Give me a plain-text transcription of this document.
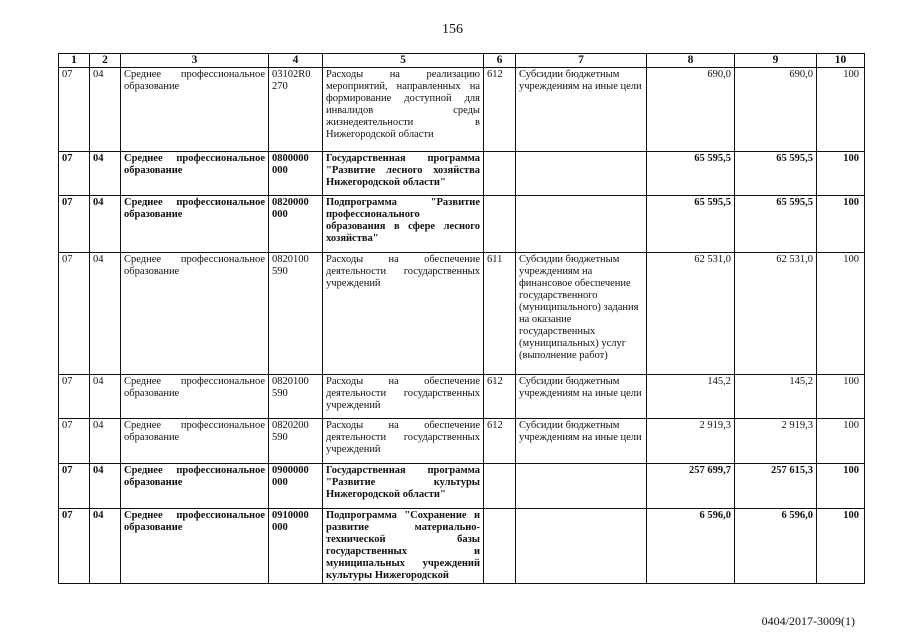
156
1	2	3	4	5	6	7	8	9	10
07	04	Среднее профессиональное образование	03102R0 270	Расходы на реализацию мероприятий, направленных на формирование доступной для инвалидов среды жизнедеятельности в Нижегородской области	612	Субсидии бюджетным учреждениям на иные цели	690,0	690,0	100
07	04	Среднее профессиональное образование	0800000 000	Государственная программа "Развитие лесного хозяйства Нижегородской области"			65 595,5	65 595,5	100
07	04	Среднее профессиональное образование	0820000 000	Подпрограмма "Развитие профессионального образования в сфере лесного хозяйства"			65 595,5	65 595,5	100
07	04	Среднее профессиональное образование	0820100 590	Расходы на обеспечение деятельности государственных учреждений	611	Субсидии бюджетным учреждениям на финансовое обеспечение государственного (муниципального) задания на оказание государственных (муниципальных) услуг (выполнение работ)	62 531,0	62 531,0	100
07	04	Среднее профессиональное образование	0820100 590	Расходы на обеспечение деятельности государственных учреждений	612	Субсидии бюджетным учреждениям на иные цели	145,2	145,2	100
07	04	Среднее профессиональное образование	0820200 590	Расходы на обеспечение деятельности государственных учреждений	612	Субсидии бюджетным учреждениям на иные цели	2 919,3	2 919,3	100
07	04	Среднее профессиональное образование	0900000 000	Государственная программа "Развитие культуры Нижегородской области"			257 699,7	257 615,3	100
07	04	Среднее профессиональное образование	0910000 000	Подпрограмма "Сохранение и развитие материально-технической базы государственных и муниципальных учреждений культуры Нижегородской			6 596,0	6 596,0	100
0404/2017-3009(1)
